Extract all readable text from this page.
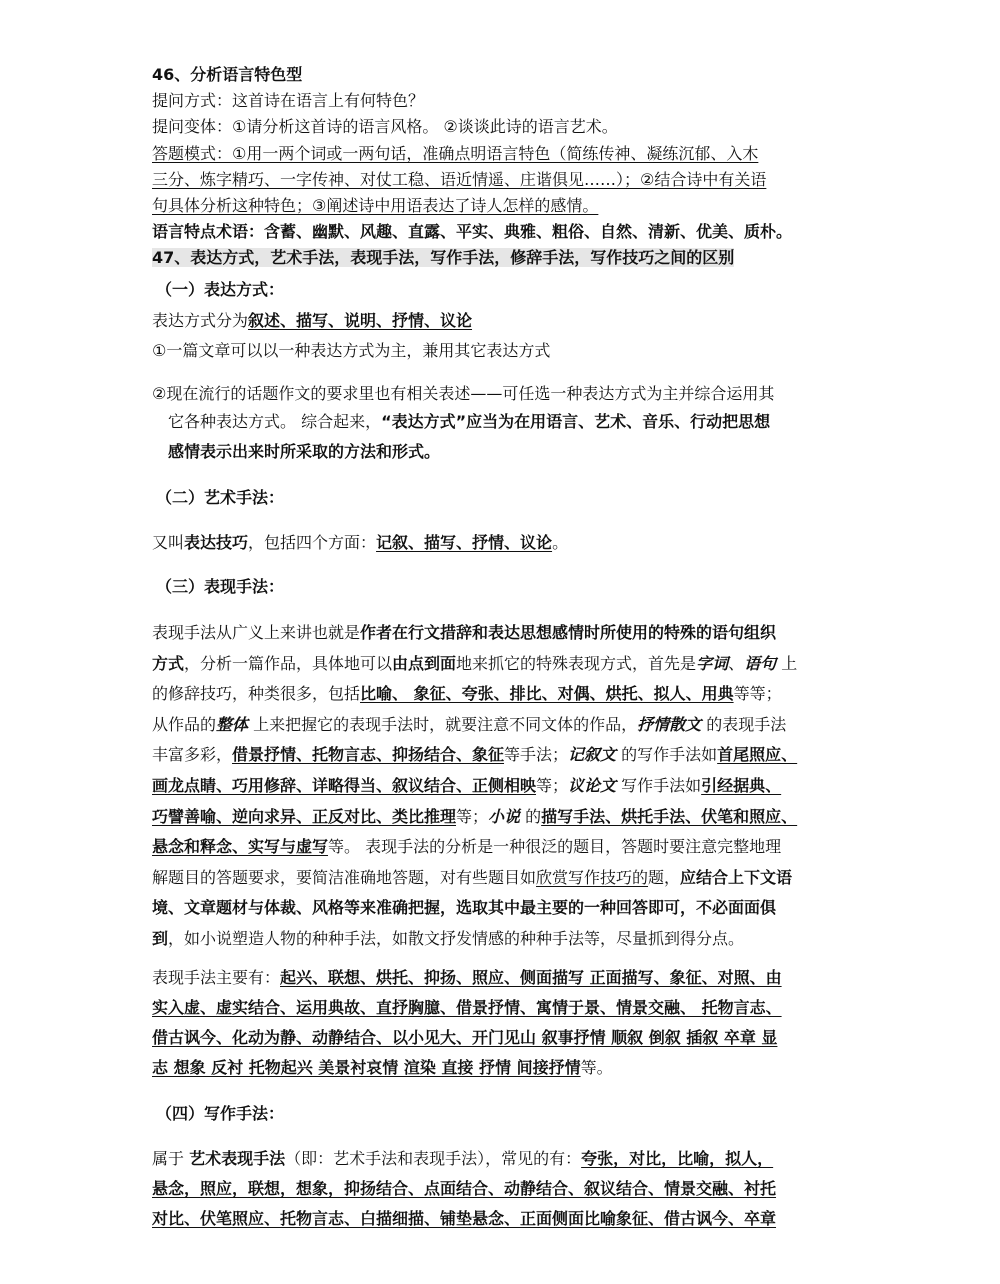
46、分析语言特色型
提问方式：这首诗在语言上有何特色？
提问变体：①请分析这首诗的语言风格。 ②谈谈此诗的语言艺术。
答题模式：①用一两个词或一两句话，准确点明语言特色（简练传神、凝练沉郁、入木
三分、炼字精巧、一字传神、对仗工稳、语近情遥、庄谐俱见……）；②结合诗中有关语
句具体分析这种特色；③阐述诗中用语表达了诗人怎样的感情。
语言特点术语：含蓄、幽默、风趣、直露、平实、典雅、粗俗、自然、清新、优美、质朴。
47、表达方式，艺术手法，表现手法，写作手法，修辞手法，写作技巧之间的区别
（一）表达方式：
表达方式分为叙述、描写、说明、抒情、议论
①一篇文章可以以一种表达方式为主，兼用其它表达方式
②现在流行的话题作文的要求里也有相关表述——可任选一种表达方式为主并综合运用其
它各种表达方式。 综合起来，“表达方式”应当为在用语言、艺术、音乐、行动把思想
感情表示出来时所采取的方法和形式。
（二）艺术手法：
又叫表达技巧，包括四个方面：记叙、描写、抒情、议论。
（三）表现手法：
表现手法从广义上来讲也就是作者在行文措辞和表达思想感情时所使用的特殊的语句组织
方式，分析一篇作品，具体地可以由点到面地来抓它的特殊表现方式，首先是字词、语句 上
的修辞技巧，种类很多，包括比喻、 象征、夸张、排比、对偶、烘托、拟人、用典等等；
从作品的整体 上来把握它的表现手法时，就要注意不同文体的作品，抒情散文 的表现手法
丰富多彩，借景抒情、托物言志、抑扬结合、象征等手法；记叙文 的写作手法如首尾照应、
画龙点睛、巧用修辞、详略得当、叙议结合、正侧相映等；议论文 写作手法如引经据典、
巧譬善喻、逆向求异、正反对比、类比推理等；小说 的描写手法、烘托手法、伏笔和照应、
悬念和释念、实写与虚写等。 表现手法的分析是一种很泛的题目，答题时要注意完整地理
解题目的答题要求，要简洁准确地答题，对有些题目如欣赏写作技巧的题，应结合上下文语
境、文章题材与体裁、风格等来准确把握，选取其中最主要的一种回答即可，不必面面俱
到，如小说塑造人物的种种手法，如散文抒发情感的种种手法等，尽量抓到得分点。
表现手法主要有：起兴、联想、烘托、抑扬、照应、侧面描写 正面描写、象征、对照、由
实入虚、虚实结合、运用典故、直抒胸臆、借景抒情、寓情于景、情景交融、 托物言志、
借古讽今、化动为静、动静结合、以小见大、开门见山 叙事抒情 顺叙 倒叙 插叙 卒章 显
志 想象 反衬 托物起兴 美景衬哀情 渲染 直接 抒情 间接抒情等。
（四）写作手法：
属于 艺术表现手法（即：艺术手法和表现手法），常见的有：夸张，对比，比喻，拟人，
悬念，照应，联想，想象，抑扬结合、点面结合、动静结合、叙议结合、情景交融、衬托
对比、伏笔照应、托物言志、白描细描、铺垫悬念、正面侧面比喻象征、借古讽今、卒章
